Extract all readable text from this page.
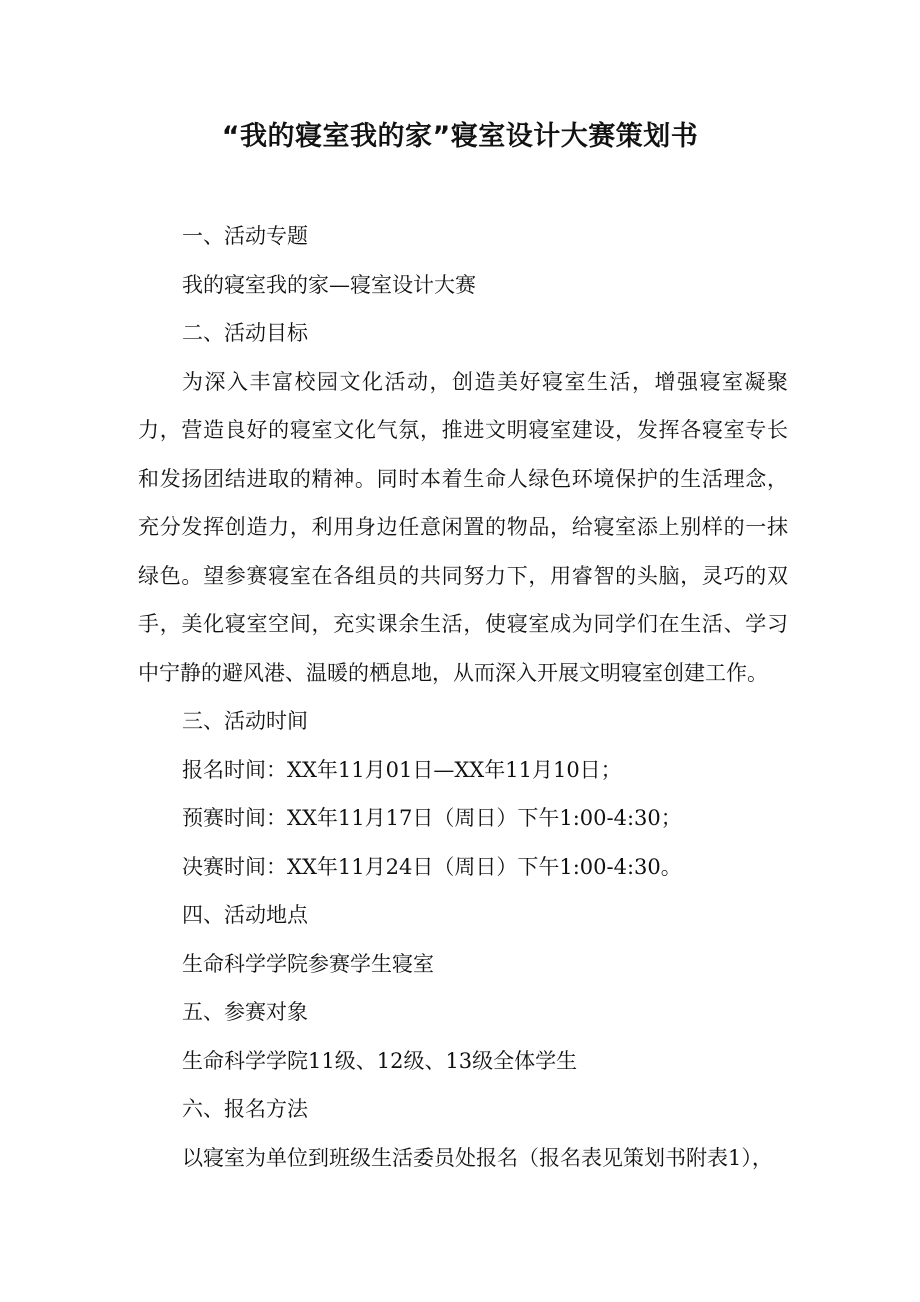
“我的寝室我的家”寝室设计大赛策划书

一、活动专题

我的寝室我的家—寝室设计大赛

二、活动目标

为深入丰富校园文化活动，创造美好寝室生活，增强寝室凝聚力，营造良好的寝室文化气氛，推进文明寝室建设，发挥各寝室专长和发扬团结进取的精神。同时本着生命人绿色环境保护的生活理念，充分发挥创造力，利用身边任意闲置的物品，给寝室添上别样的一抹绿色。望参赛寝室在各组员的共同努力下，用睿智的头脑，灵巧的双手，美化寝室空间，充实课余生活，使寝室成为同学们在生活、学习中宁静的避风港、温暖的栖息地，从而深入开展文明寝室创建工作。

三、活动时间

报名时间：XX年11月01日—XX年11月10日；

预赛时间：XX年11月17日（周日）下午1:00-4:30；

决赛时间：XX年11月24日（周日）下午1:00-4:30。

四、活动地点

生命科学学院参赛学生寝室

五、参赛对象

生命科学学院11级、12级、13级全体学生

六、报名方法

以寝室为单位到班级生活委员处报名（报名表见策划书附表1），
